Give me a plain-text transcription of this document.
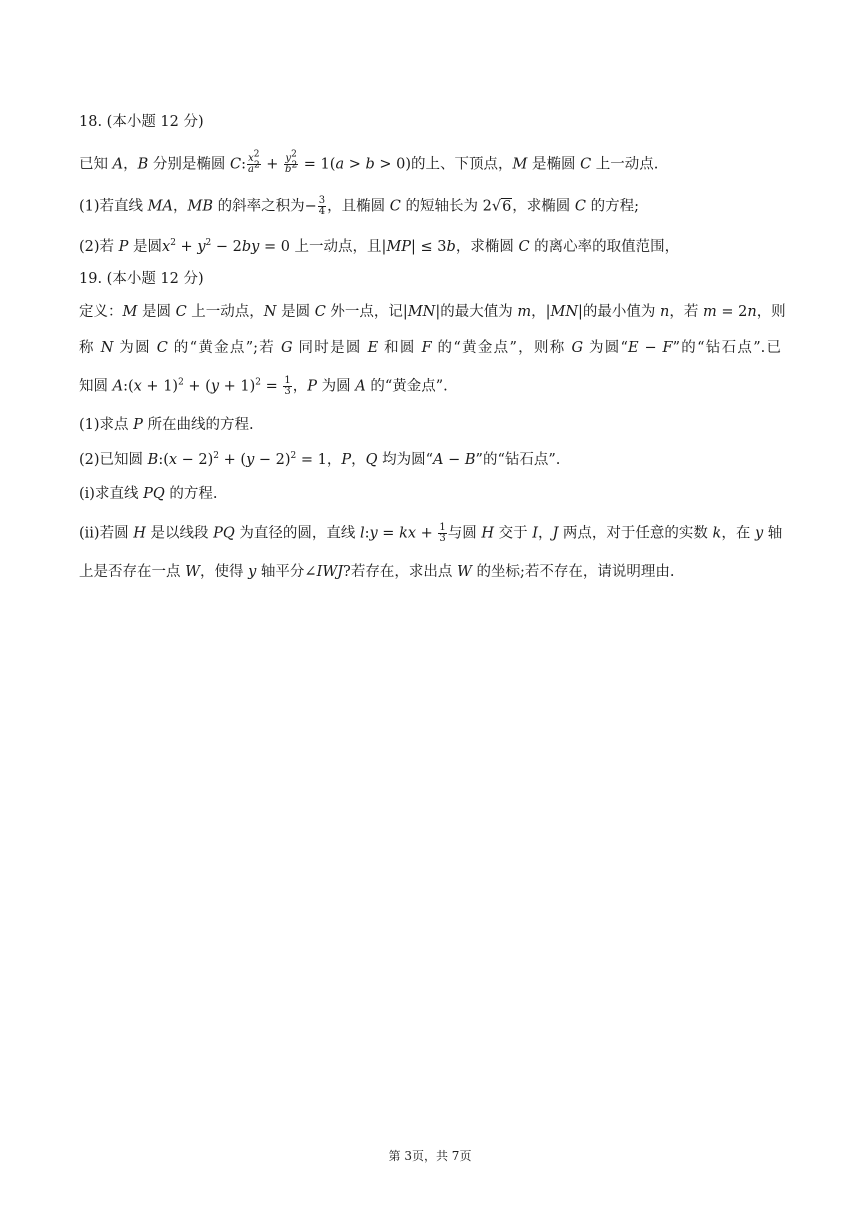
18. (本小题 12 分)
已知 A，B 分别是椭圆 C: $\frac{x^2}{a^2} + \frac{y^2}{b^2} = 1(a > b > 0)$的上、下顶点，M 是椭圆 C 上一动点.
(1)若直线 MA，MB 的斜率之积为− $\frac{3}{4}$ ，且椭圆 C 的短轴长为 2√6，求椭圆 C 的方程;
(2)若 P 是圆$x^2 + y^2 - 2by = 0$ 上一动点，且|MP| ≤ 3b，求椭圆 C 的离心率的取值范围，
19. (本小题 12 分)
定义：M 是圆 C 上一动点，N 是圆 C 外一点，记|MN|的最大值为 m，|MN|的最小值为 n，若 m = 2n，则
称 N 为圆 C 的“黄金点”;若 G 同时是圆 E 和圆 F 的“黄金点”，则称 G 为圆“E − F”的“钻石点”.已
知圆 A:(x + $1)^2 + (y + 1)^2 = \frac{1}{3}$ ，P 为圆 A 的“黄金点”.
(1)求点 P 所在曲线的方程.
(2)已知圆 B:(x − $2)^2 + (y - 2)^2 = 1$，P，Q 均为圆“A − B”的“钻石点”.
(ⅰ)求直线 PQ 的方程.
(ⅱ)若圆 H 是以线段 PQ 为直径的圆，直线 l:y = kx + $\frac{1}{3}$ 与圆 H 交于 I，J 两点，对于任意的实数 k，在 y 轴
上是否存在一点 W，使得 y 轴平分∠IWJ?若存在，求出点 W 的坐标;若不存在，请说明理由.
第 3页，共 7页
